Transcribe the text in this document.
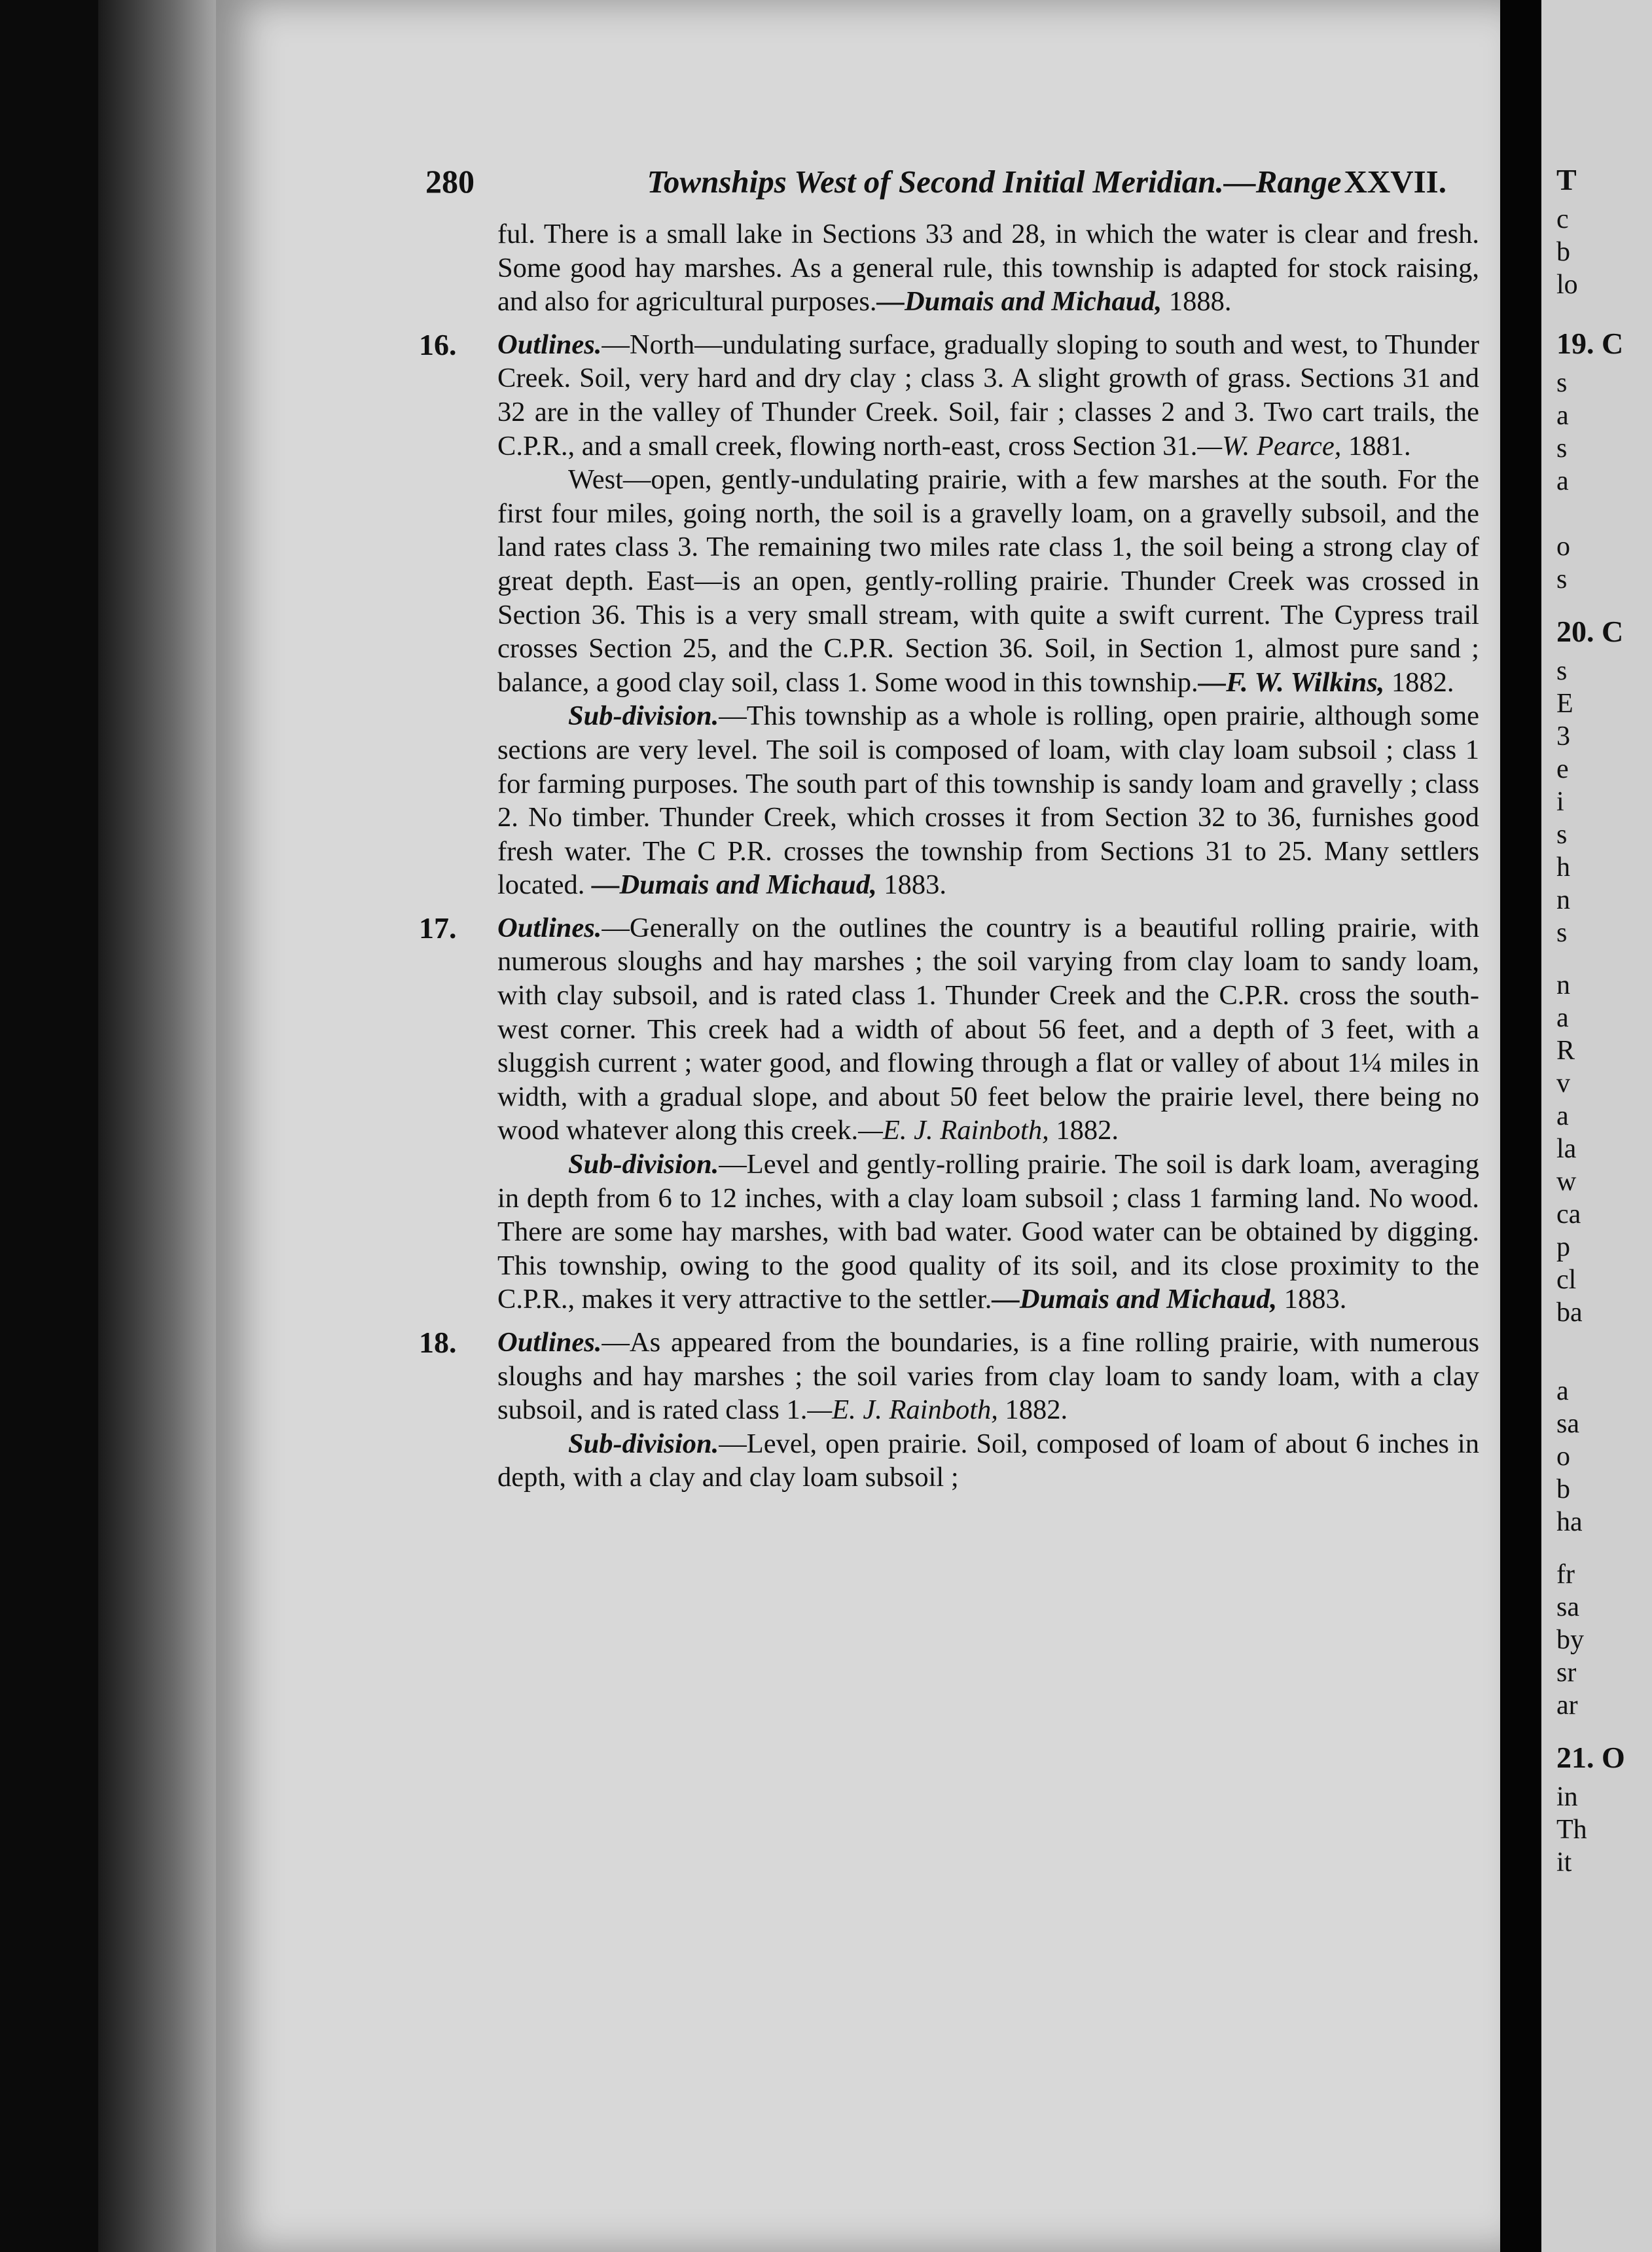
280	Townships West of Second Initial Meridian.—Range XXVII.

ful. There is a small lake in Sections 33 and 28, in which the water is clear and fresh. Some good hay marshes. As a general rule, this township is adapted for stock raising, and also for agricultural purposes.—Dumais and Michaud, 1888.

16. Outlines.—North—undulating surface, gradually sloping to south and west, to Thunder Creek. Soil, very hard and dry clay ; class 3. A slight growth of grass. Sections 31 and 32 are in the valley of Thunder Creek. Soil, fair ; classes 2 and 3. Two cart trails, the C.P.R., and a small creek, flowing north-east, cross Section 31.—W. Pearce, 1881.

West—open, gently-undulating prairie, with a few marshes at the south. For the first four miles, going north, the soil is a gravelly loam, on a gravelly subsoil, and the land rates class 3. The remaining two miles rate class 1, the soil being a strong clay of great depth. East—is an open, gently-rolling prairie. Thunder Creek was crossed in Section 36. This is a very small stream, with quite a swift current. The Cypress trail crosses Section 25, and the C.P.R. Section 36. Soil, in Section 1, almost pure sand ; balance, a good clay soil, class 1. Some wood in this township.—F. W. Wilkins, 1882.

Sub-division.—This township as a whole is rolling, open prairie, although some sections are very level. The soil is composed of loam, with clay loam subsoil ; class 1 for farming purposes. The south part of this township is sandy loam and gravelly ; class 2. No timber. Thunder Creek, which crosses it from Section 32 to 36, furnishes good fresh water. The C P.R. crosses the township from Sections 31 to 25. Many settlers located. —Dumais and Michaud, 1883.

17. Outlines.—Generally on the outlines the country is a beautiful rolling prairie, with numerous sloughs and hay marshes ; the soil varying from clay loam to sandy loam, with clay subsoil, and is rated class 1. Thunder Creek and the C.P.R. cross the south-west corner. This creek had a width of about 56 feet, and a depth of 3 feet, with a sluggish current ; water good, and flowing through a flat or valley of about 1¼ miles in width, with a gradual slope, and about 50 feet below the prairie level, there being no wood whatever along this creek.—E. J. Rainboth, 1882.

Sub-division.—Level and gently-rolling prairie. The soil is dark loam, averaging in depth from 6 to 12 inches, with a clay loam subsoil ; class 1 farming land. No wood. There are some hay marshes, with bad water. Good water can be obtained by digging. This township, owing to the good quality of its soil, and its close proximity to the C.P.R., makes it very attractive to the settler.—Dumais and Michaud, 1883.

18. Outlines.—As appeared from the boundaries, is a fine rolling prairie, with numerous sloughs and hay marshes ; the soil varies from clay loam to sandy loam, with a clay subsoil, and is rated class 1.—E. J. Rainboth, 1882.

Sub-division.—Level, open prairie. Soil, composed of loam of about 6 inches in depth, with a clay and clay loam subsoil ;

T
c
b
lo
19. C
s
a
s
a
o
s
20. C
s
E
3
e
i
s
h
n
s
n
a
R
v
a
la
w
ca
p
cl
ba
a
sa
o
b
ha
fr
sa
by
sr
ar
21. O
in
Th
it
